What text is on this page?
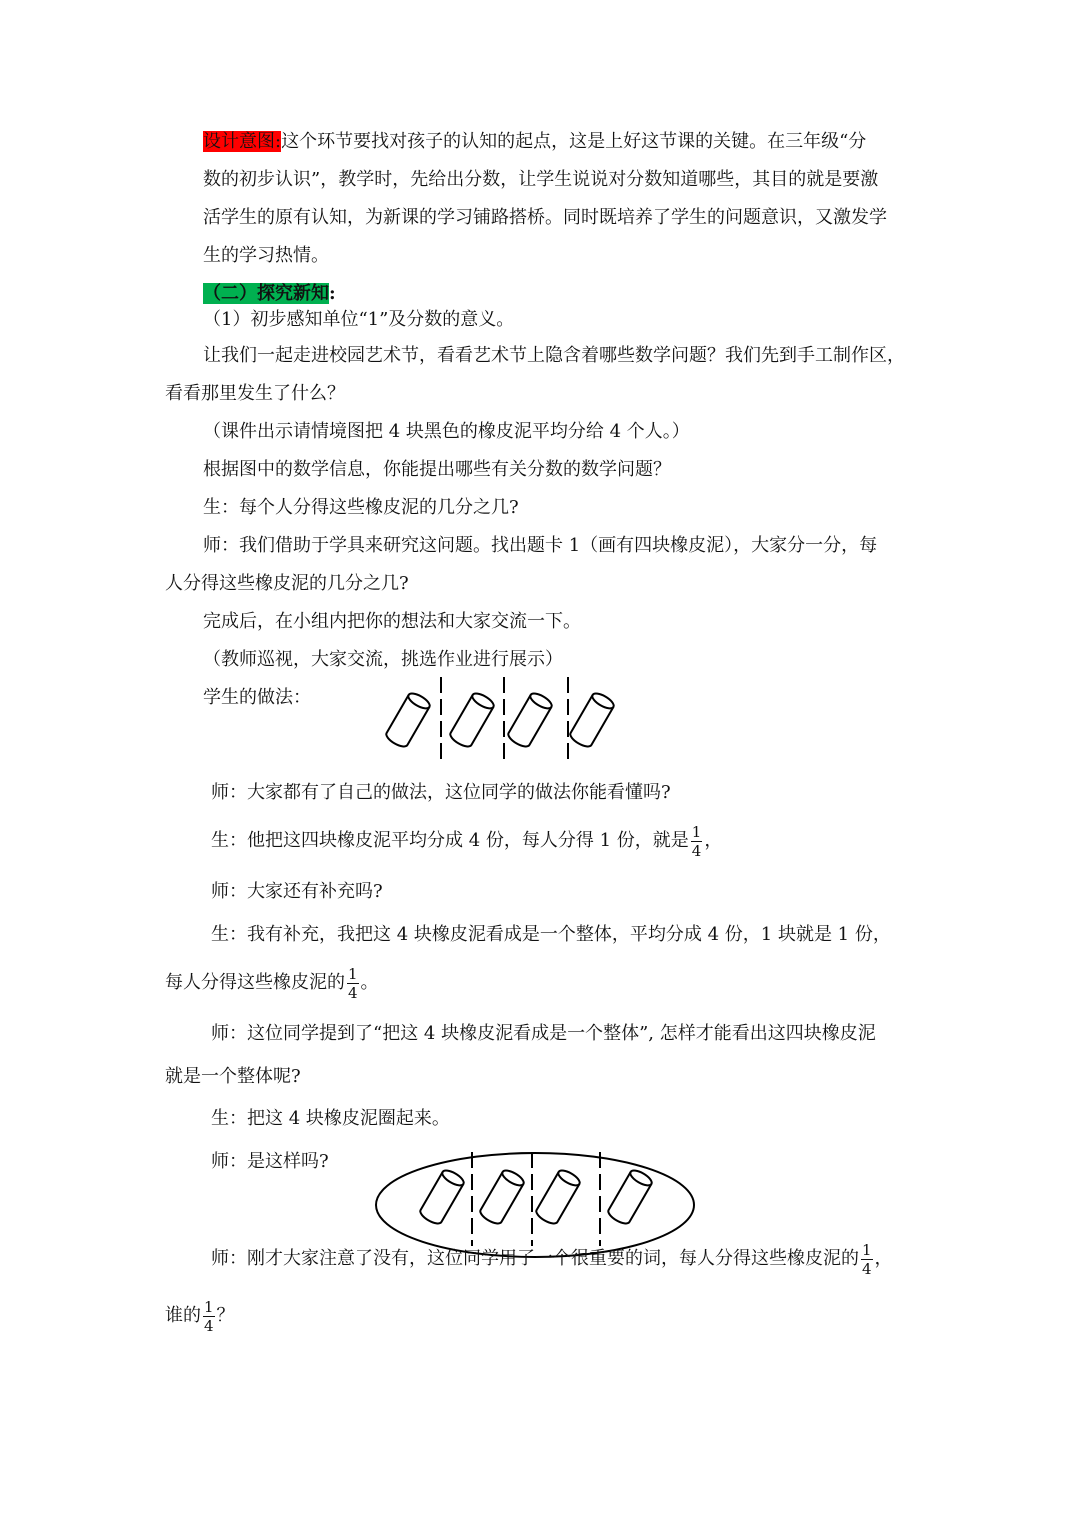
设计意图:这个环节要找对孩子的认知的起点，这是上好这节课的关键。在三年级“分
数的初步认识”，教学时，先给出分数，让学生说说对分数知道哪些，其目的就是要激
活学生的原有认知，为新课的学习铺路搭桥。同时既培养了学生的问题意识，又激发学
生的学习热情。
（二）探究新知:
（1）初步感知单位“1”及分数的意义。
让我们一起走进校园艺术节，看看艺术节上隐含着哪些数学问题？我们先到手工制作区，
看看那里发生了什么？
（课件出示请情境图把 4 块黑色的橡皮泥平均分给 4 个人。）
根据图中的数学信息，你能提出哪些有关分数的数学问题？
生：每个人分得这些橡皮泥的几分之几?
师：我们借助于学具来研究这问题。找出题卡 1（画有四块橡皮泥），大家分一分，每
人分得这些橡皮泥的几分之几?
完成后，在小组内把你的想法和大家交流一下。
（教师巡视，大家交流，挑选作业进行展示）
学生的做法：
师：大家都有了自己的做法，这位同学的做法你能看懂吗?
生：他把这四块橡皮泥平均分成 4 份，每人分得 1 份，就是 $\frac{1}{4}$ ，
师：大家还有补充吗?
生：我有补充，我把这 4 块橡皮泥看成是一个整体，平均分成 4 份，1 块就是 1 份，
每人分得这些橡皮泥的 $\frac{1}{4}$ 。
师：这位同学提到了“把这 4 块橡皮泥看成是一个整体”, 怎样才能看出这四块橡皮泥
就是一个整体呢?
生：把这 4 块橡皮泥圈起来。
师：是这样吗?
师：刚才大家注意了没有，这位同学用了一个很重要的词，每人分得这些橡皮泥的 $\frac{1}{4}$ ，
谁的 $\frac{1}{4}$ ？
